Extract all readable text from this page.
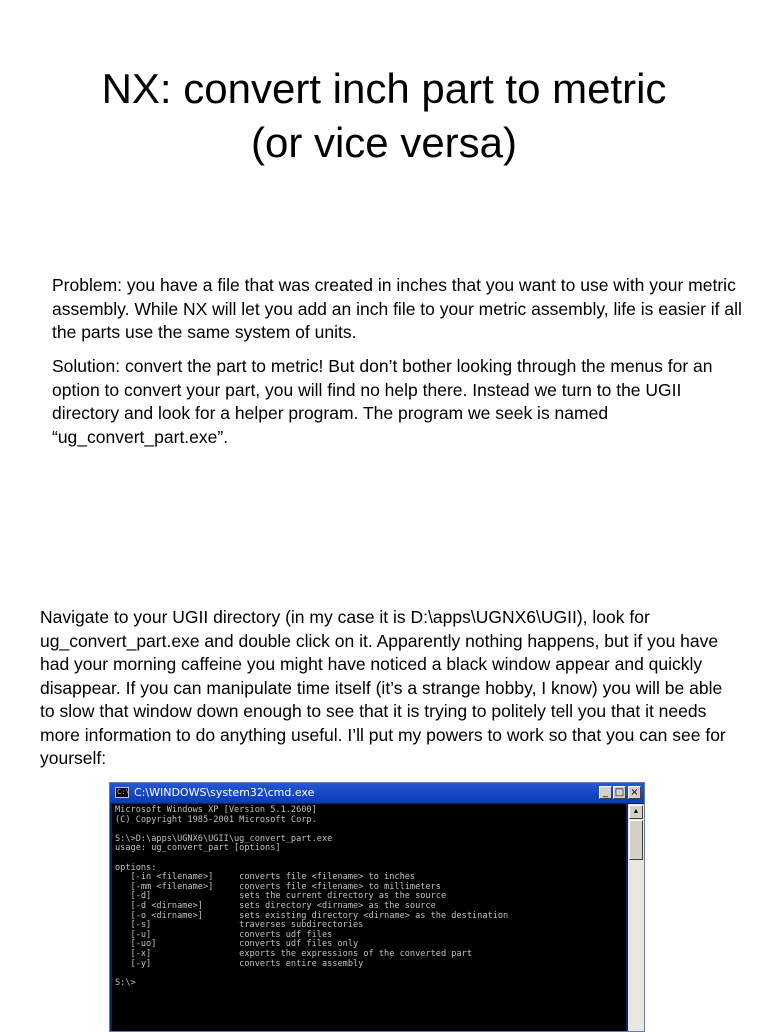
NX: convert inch part to metric
(or vice versa)
Problem: you have a file that was created in inches that you want to use with your metric assembly. While NX will let you add an inch file to your metric assembly, life is easier if all the parts use the same system of units.
Solution: convert the part to metric! But don’t bother looking through the menus for an option to convert your part, you will find no help there. Instead we turn to the UGII directory and look for a helper program. The program we seek is named “ug_convert_part.exe”.
Navigate to your UGII directory (in my case it is D:\apps\UGNX6\UGII), look for ug_convert_part.exe and double click on it. Apparently nothing happens, but if you have had your morning caffeine you might have noticed a black window appear and quickly disappear. If you can manipulate time itself (it’s a strange hobby, I know) you will be able to slow that window down enough to see that it is trying to politely tell you that it needs more information to do anything useful. I’ll put my powers to work so that you can see for yourself:
C:\ C:\WINDOWS\system32\cmd.exe	_ □ ×
Microsoft Windows XP [Version 5.1.2600]
(C) Copyright 1985-2001 Microsoft Corp.
S:\>D:\apps\UGNX6\UGII\ug_convert_part.exe
usage: ug_convert_part [options]
options:
[-in <filename>]     converts file <filename> to inches
[-mm <filename>]     converts file <filename> to millimeters
[-d]                 sets the current directory as the source
[-d <dirname>]       sets directory <dirname> as the source
[-o <dirname>]       sets existing directory <dirname> as the destination
[-s]                 traverses subdirectories
[-u]                 converts udf files
[-uo]                converts udf files only
[-x]                 exports the expressions of the converted part
[-y]                 converts entire assembly
S:\>
▲
